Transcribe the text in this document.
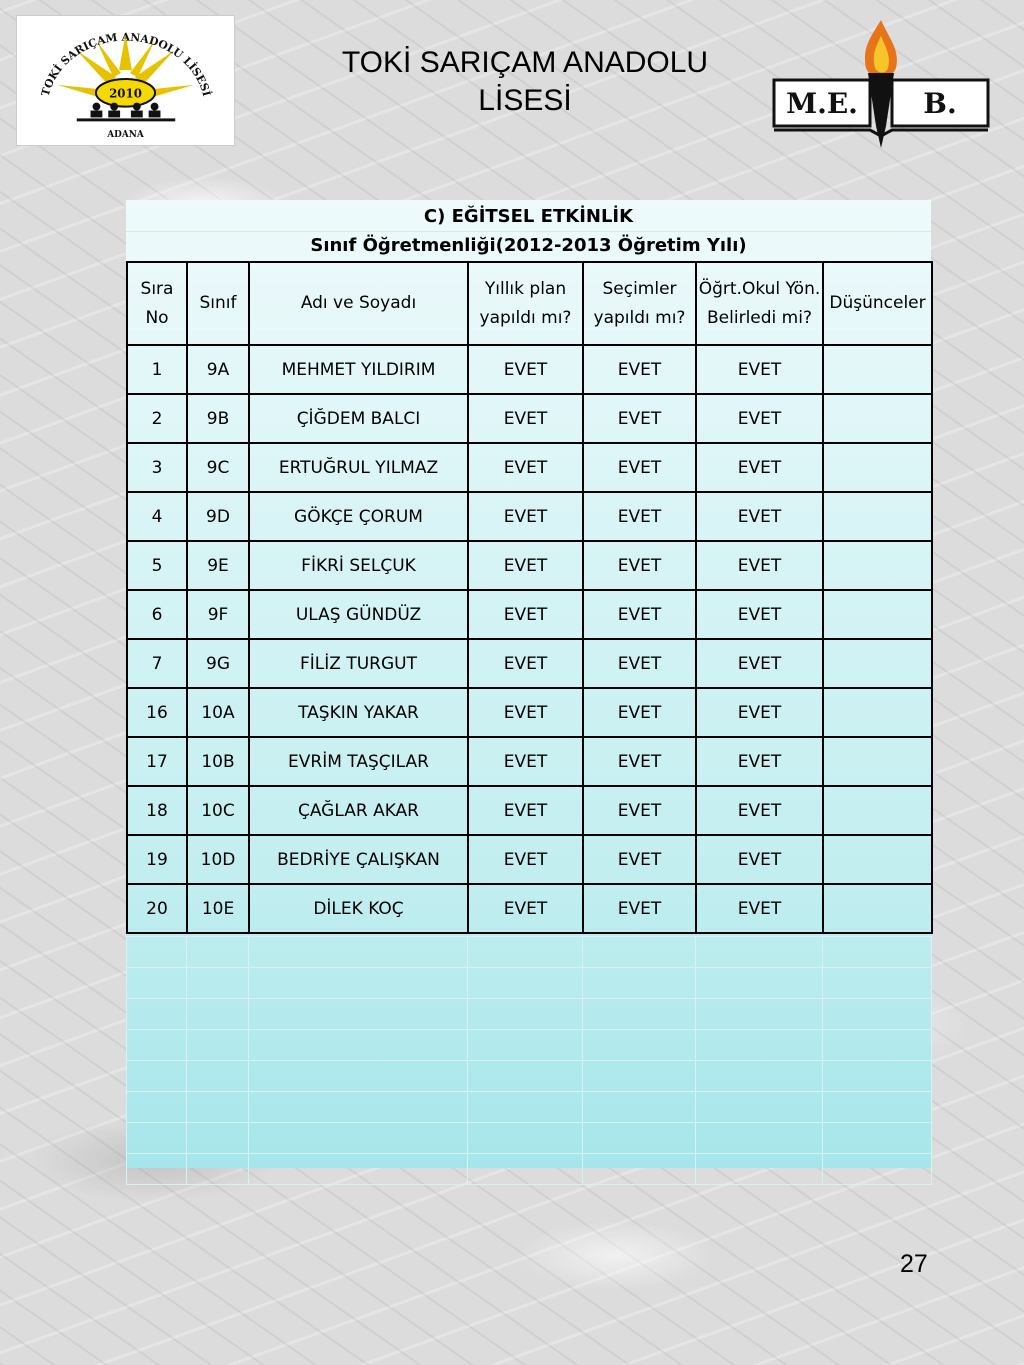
2010
TOKİ SARIÇAM ANADOLU LİSESİ
ADANA
TOKİ SARIÇAM ANADOLU
LİSESİ	M.E. B.
C) EĞİTSEL ETKİNLİK
Sınıf Öğretmenliği(2012-2013 Öğretim Yılı)
Sıra No	Sınıf	Adı ve Soyadı	Yıllık plan yapıldı mı?	Seçimler yapıldı mı?	Öğrt.Okul Yön. Belirledi mi?	Düşünceler
1	9A	MEHMET YILDIRIM	EVET	EVET	EVET	
2	9B	ÇİĞDEM BALCI	EVET	EVET	EVET	
3	9C	ERTUĞRUL YILMAZ	EVET	EVET	EVET	
4	9D	GÖKÇE ÇORUM	EVET	EVET	EVET	
5	9E	FİKRİ SELÇUK	EVET	EVET	EVET	
6	9F	ULAŞ GÜNDÜZ	EVET	EVET	EVET	
7	9G	FİLİZ TURGUT	EVET	EVET	EVET	
16	10A	TAŞKIN YAKAR	EVET	EVET	EVET	
17	10B	EVRİM TAŞÇILAR	EVET	EVET	EVET	
18	10C	ÇAĞLAR AKAR	EVET	EVET	EVET	
19	10D	BEDRİYE ÇALIŞKAN	EVET	EVET	EVET	
20	10E	DİLEK KOÇ	EVET	EVET	EVET	

27
